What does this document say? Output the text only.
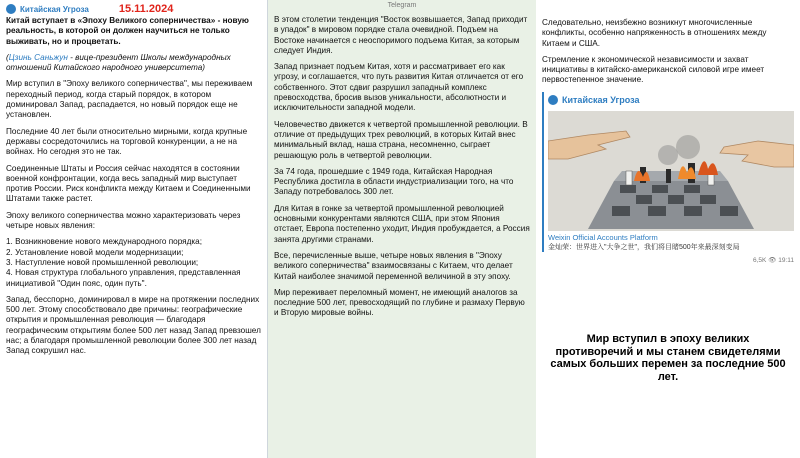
Китайская Угроза	15.11.2024

Китай вступает в «Эпоху Великого соперничества» - новую реальность, в которой он должен научиться не только выживать, но и процветать.

(Цзинь Саньжун - вице-президент Школы международных отношений Китайского народного университета)

Мир вступил в "Эпоху великого соперничества", мы переживаем переходный период, когда старый порядок, в котором доминировал Запад, распадается, но новый порядок еще не установлен.

Последние 40 лет были относительно мирными, когда крупные державы сосредоточились на торговой конкуренции, а не на войнах. Но сегодня это не так.

Соединенные Штаты и Россия сейчас находятся в состоянии военной конфронтации, когда весь западный мир выступает против России. Риск конфликта между Китаем и Соединенными Штатами также растет.

Эпоху великого соперничества можно характеризовать через четыре новых явления:

1. Возникновение нового международного порядка;
2. Установление новой модели модернизации;
3. Наступление новой промышленной революции;
4. Новая структура глобального управления, представленная инициативой "Один пояс, один путь".

Запад, бесспорно, доминировал в мире на протяжении последних 500 лет. Этому способствовало две причины: географические открытия и промышленная революция — благодаря географическим открытиям более 500 лет назад Запад превзошел нас; а благодаря промышленной революции более 300 лет назад Запад сокрушил нас.

Telegram

В этом столетии тенденция "Восток возвышается, Запад приходит в упадок" в мировом порядке стала очевидной. Подъем на Востоке начинается с неоспоримого подъема Китая, за которым следует Индия.

Запад признает подъем Китая, хотя и рассматривает его как угрозу, и соглашается, что путь развития Китая отличается от его собственного. Этот сдвиг разрушил западный комплекс превосходства, бросив вызов уникальности, абсолютности и исключительности западной модели.

Человечество движется к четвертой промышленной революции. В отличие от предыдущих трех революций, в которых Китай внес минимальный вклад, наша страна, несомненно, сыграет решающую роль в четвертой революции.

За 74 года, прошедшие с 1949 года, Китайская Народная Республика достигла в области индустриализации того, на что Западу потребовалось 300 лет.

Для Китая в гонке за четвертой промышленной революцией основными конкурентами являются США, при этом Япония отстает, Европа постепенно уходит, Индия пробуждается, а Россия занята другими странами.

Все, перечисленные выше, четыре новых явления в "Эпоху великого соперничества" взаимосвязаны с Китаем, что делает Китай наиболее значимой переменной величиной в эту эпоху.

Мир переживает переломный момент, не имеющий аналогов за последние 500 лет, превосходящий по глубине и размаху Первую и Вторую мировые войны.

Следовательно, неизбежно возникнут многочисленные конфликты, особенно напряженность в отношениях между Китаем и США.

Стремление к экономической независимости и захват инициативы в китайско-американской силовой игре имеет первостепенное значение.

Китайская Угроза
Weixin Official Accounts Platform
金灿荣：世界进入"大争之世"，我们将目睹500年来最深刻变局
6,5K 👁 19:11
Мир вступил в эпоху великих противоречий и мы станем свидетелями самых больших перемен за последние 500 лет.
